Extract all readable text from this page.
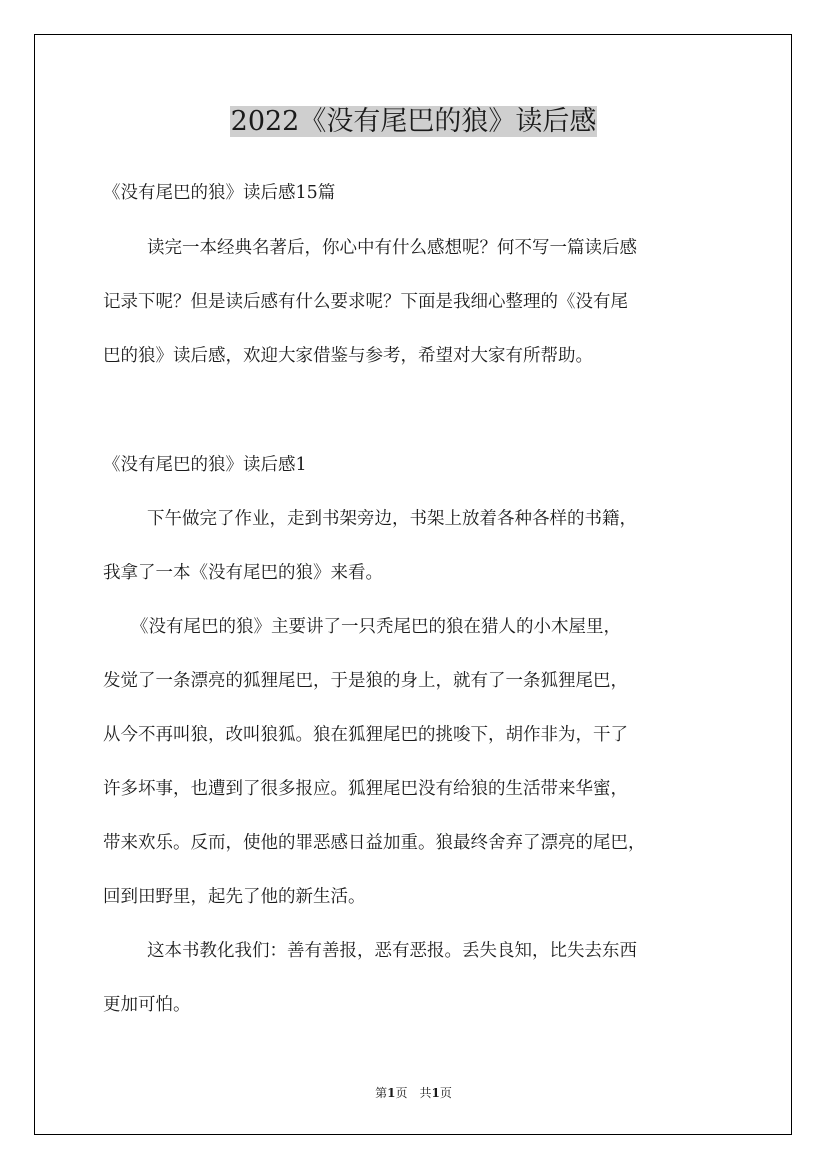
2022《没有尾巴的狼》读后感

《没有尾巴的狼》读后感15篇

读完一本经典名著后，你心中有什么感想呢？何不写一篇读后感

记录下呢？但是读后感有什么要求呢？下面是我细心整理的《没有尾

巴的狼》读后感，欢迎大家借鉴与参考，希望对大家有所帮助。

《没有尾巴的狼》读后感1

下午做完了作业，走到书架旁边，书架上放着各种各样的书籍，

我拿了一本《没有尾巴的狼》来看。

《没有尾巴的狼》主要讲了一只秃尾巴的狼在猎人的小木屋里，

发觉了一条漂亮的狐狸尾巴，于是狼的身上，就有了一条狐狸尾巴，

从今不再叫狼，改叫狼狐。狼在狐狸尾巴的挑唆下，胡作非为，干了

许多坏事，也遭到了很多报应。狐狸尾巴没有给狼的生活带来华蜜，

带来欢乐。反而，使他的罪恶感日益加重。狼最终舍弃了漂亮的尾巴，

回到田野里，起先了他的新生活。

这本书教化我们：善有善报，恶有恶报。丢失良知，比失去东西

更加可怕。

第1页 共1页
